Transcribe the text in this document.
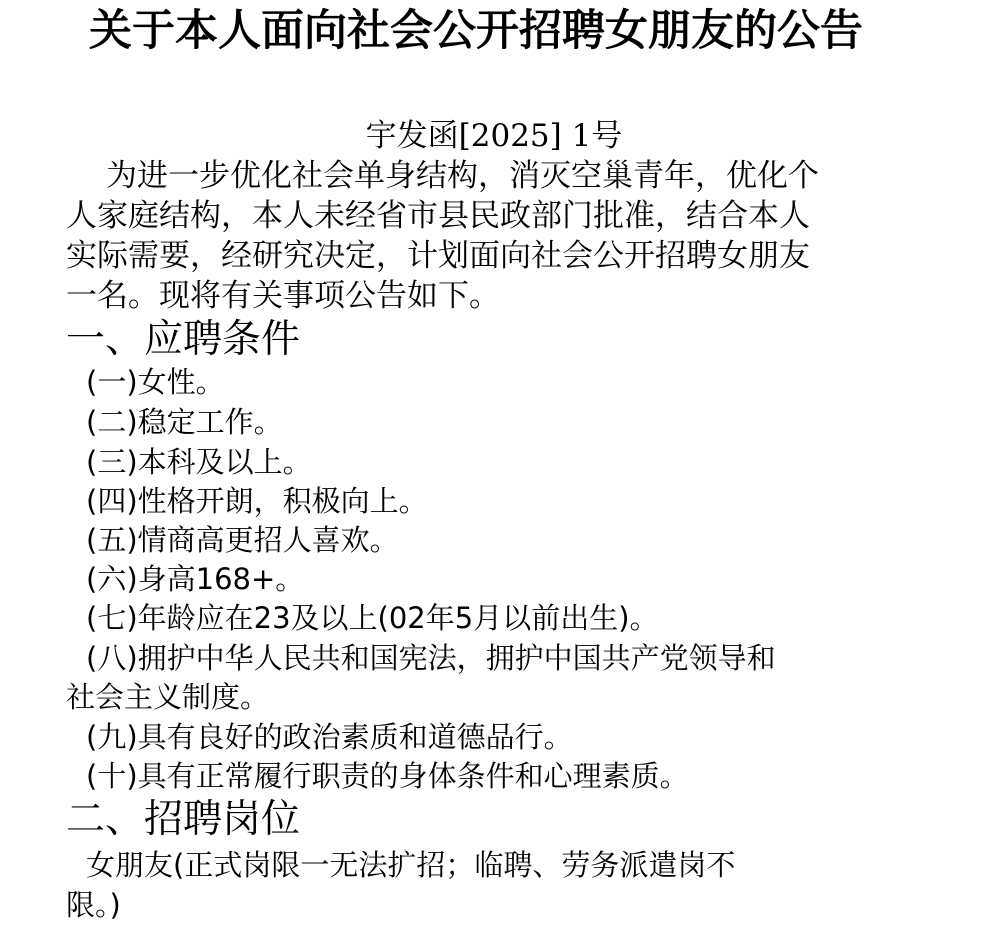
关于本人面向社会公开招聘女朋友的公告
宇发函[2025] 1号
为进一步优化社会单身结构，消灭空巢青年，优化个
人家庭结构，本人未经省市县民政部门批准，结合本人
实际需要，经研究决定，计划面向社会公开招聘女朋友
一名。现将有关事项公告如下。
一、应聘条件
(一)女性。
(二)稳定工作。
(三)本科及以上。
(四)性格开朗，积极向上。
(五)情商高更招人喜欢。
(六)身高168+。
(七)年龄应在23及以上(02年5月以前出生)。
(八)拥护中华人民共和国宪法，拥护中国共产党领导和
社会主义制度。
(九)具有良好的政治素质和道德品行。
(十)具有正常履行职责的身体条件和心理素质。
二、招聘岗位
女朋友(正式岗限一无法扩招；临聘、劳务派遣岗不
限。)
